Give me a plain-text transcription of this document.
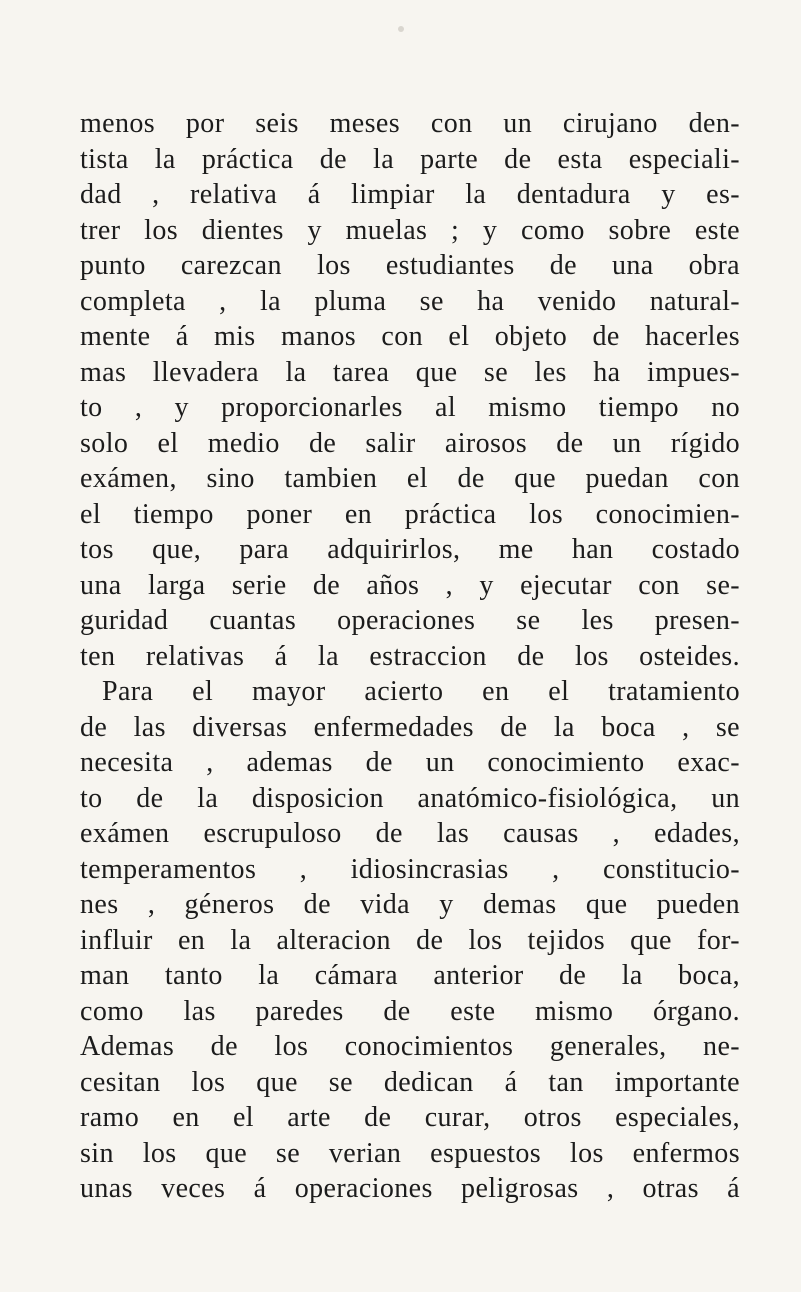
menos por seis meses con un cirujano den-
tista la práctica de la parte de esta especiali-
dad , relativa á limpiar la dentadura y es-
trer los dientes y muelas ; y como sobre este
punto carezcan los estudiantes de una obra
completa , la pluma se ha venido natural-
mente á mis manos con el objeto de hacerles
mas llevadera la tarea que se les ha impues-
to , y proporcionarles al mismo tiempo no
solo el medio de salir airosos de un rígido
exámen, sino tambien el de que puedan con
el tiempo poner en práctica los conocimien-
tos que, para adquirirlos, me han costado
una larga serie de años , y ejecutar con se-
guridad cuantas operaciones se les presen-
ten relativas á la estraccion de los osteides.
Para el mayor acierto en el tratamiento
de las diversas enfermedades de la boca , se
necesita , ademas de un conocimiento exac-
to de la disposicion anatómico-fisiológica, un
exámen escrupuloso de las causas , edades,
temperamentos , idiosincrasias , constitucio-
nes , géneros de vida y demas que pueden
influir en la alteracion de los tejidos que for-
man tanto la cámara anterior de la boca,
como las paredes de este mismo órgano.
Ademas de los conocimientos generales, ne-
cesitan los que se dedican á tan importante
ramo en el arte de curar, otros especiales,
sin los que se verian espuestos los enfermos
unas veces á operaciones peligrosas , otras á
